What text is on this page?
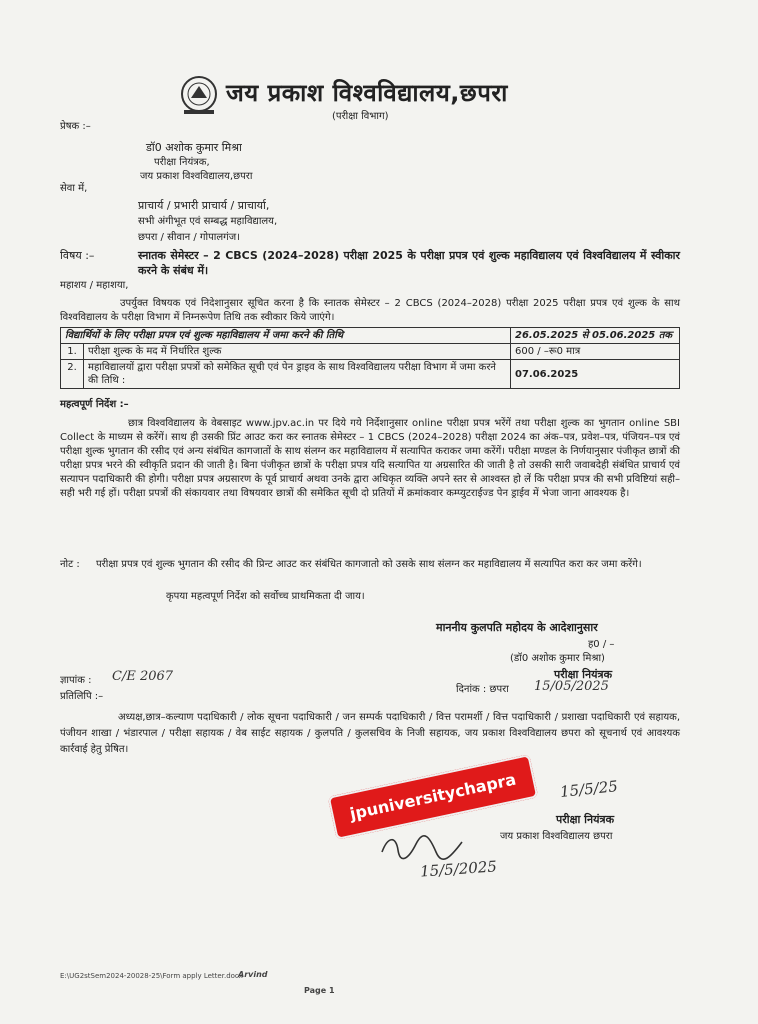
जय प्रकाश विश्वविद्यालय,छपरा
(परीक्षा विभाग)
प्रेषक :–
डॉ0 अशोक कुमार मिश्रा
परीक्षा नियंत्रक,
जय प्रकाश विश्वविद्यालय,छपरा
सेवा में,
प्राचार्य / प्रभारी प्राचार्य / प्राचार्या,
सभी अंगीभूत एवं सम्बद्ध महाविद्यालय,
छपरा / सीवान / गोपालगंज।
विषय :–	स्नातक सेमेस्टर – 2 CBCS (2024–2028) परीक्षा 2025 के परीक्षा प्रपत्र एवं शुल्क महाविद्यालय एवं विश्वविद्यालय में स्वीकार करने के संबंध में।
महाशय / महाशया,
उपर्युक्त विषयक एवं निदेशानुसार सूचित करना है कि स्नातक सेमेस्टर – 2 CBCS (2024–2028) परीक्षा 2025 परीक्षा प्रपत्र एवं शुल्क के साथ विश्वविद्यालय के परीक्षा विभाग में निम्नरूपेण तिथि तक स्वीकार किये जाएंगे।
विद्यार्थियों के लिए परीक्षा प्रपत्र एवं शुल्क महाविद्यालय में जमा करने की तिथि		26.05.2025 से 05.06.2025 तक
1.	परीक्षा शुल्क के मद में निर्धारित शुल्क	600 / –रू0 मात्र
2.	महाविद्यालयों द्वारा परीक्षा प्रपत्रों को समेकित सूची एवं पेन ड्राइव के साथ विश्वविद्यालय परीक्षा विभाग में जमा करने की तिथि :	07.06.2025
महत्वपूर्ण निर्देश :–
छात्र विश्वविद्यालय के वेबसाइट www.jpv.ac.in पर दिये गये निर्देशानुसार online परीक्षा प्रपत्र भरेंगें तथा परीक्षा शुल्क का भुगतान online SBI Collect के माध्यम से करेंगें। साथ ही उसकी प्रिंट आउट करा कर स्नातक सेमेस्टर – 1 CBCS (2024–2028) परीक्षा 2024 का अंक–पत्र, प्रवेश–पत्र, पंजियन–पत्र एवं परीक्षा शुल्क भुगतान की रसीद एवं अन्य संबंधित कागजातों के साथ संलग्न कर महाविद्यालय में सत्यापित कराकर जमा करेंगें। परीक्षा मण्डल के निर्णयानुसार पंजीकृत छात्रों की परीक्षा प्रपत्र भरने की स्वीकृति प्रदान की जाती है। बिना पंजीकृत छात्रों के परीक्षा प्रपत्र यदि सत्यापित या अग्रसारित की जाती है तो उसकी सारी जवाबदेही संबंधित प्राचार्य एवं सत्यापन पदाधिकारी की होगी। परीक्षा प्रपत्र अग्रसारण के पूर्व प्राचार्य अथवा उनके द्वारा अधिकृत व्यक्ति अपने स्तर से आश्वस्त हो लें कि परीक्षा प्रपत्र की सभी प्रविष्टियां सही–सही भरी गई हों। परीक्षा प्रपत्रों की संकायवार तथा विषयवार छात्रों की समेकित सूची दो प्रतियों में क्रमांकवार कम्प्युटराईज्ड पेन ड्राईव में भेजा जाना आवश्यक है।
नोट : परीक्षा प्रपत्र एवं शुल्क भुगतान की रसीद की प्रिन्ट आउट कर संबंधित कागजातो को उसके साथ संलग्न कर महाविद्यालय में सत्यापित करा कर जमा करेंगे।
कृपया महत्वपूर्ण निर्देश को सर्वोच्च प्राथमिकता दी जाय।
माननीय कुलपति महोदय के आदेशानुसार
ह0 / –
(डॉ0 अशोक कुमार मिश्रा)
परीक्षा नियंत्रक
ज्ञापांक : C/E 2067
दिनांक : छपरा 15/05/2025
प्रतिलिपि :–
अध्यक्ष,छात्र–कल्याण पदाधिकारी / लोक सूचना पदाधिकारी / जन सम्पर्क पदाधिकारी / वित्त परामर्शी / वित्त पदाधिकारी / प्रशाखा पदाधिकारी एवं सहायक, पंजीयन शाखा / भंडारपाल / परीक्षा सहायक / वेब साईट सहायक / कुलपति / कुलसचिव के निजी सहायक, जय प्रकाश विश्वविद्यालय छपरा को सूचनार्थ एवं आवश्यक कार्रवाई हेतु प्रेषित।
jpuniversitychapra	15/5/25
परीक्षा नियंत्रक
जय प्रकाश विश्वविद्यालय छपरा
15/5/2025
E:\UG2stSem2024-20028-25\Form apply Letter.docx
Arvind
Page 1
